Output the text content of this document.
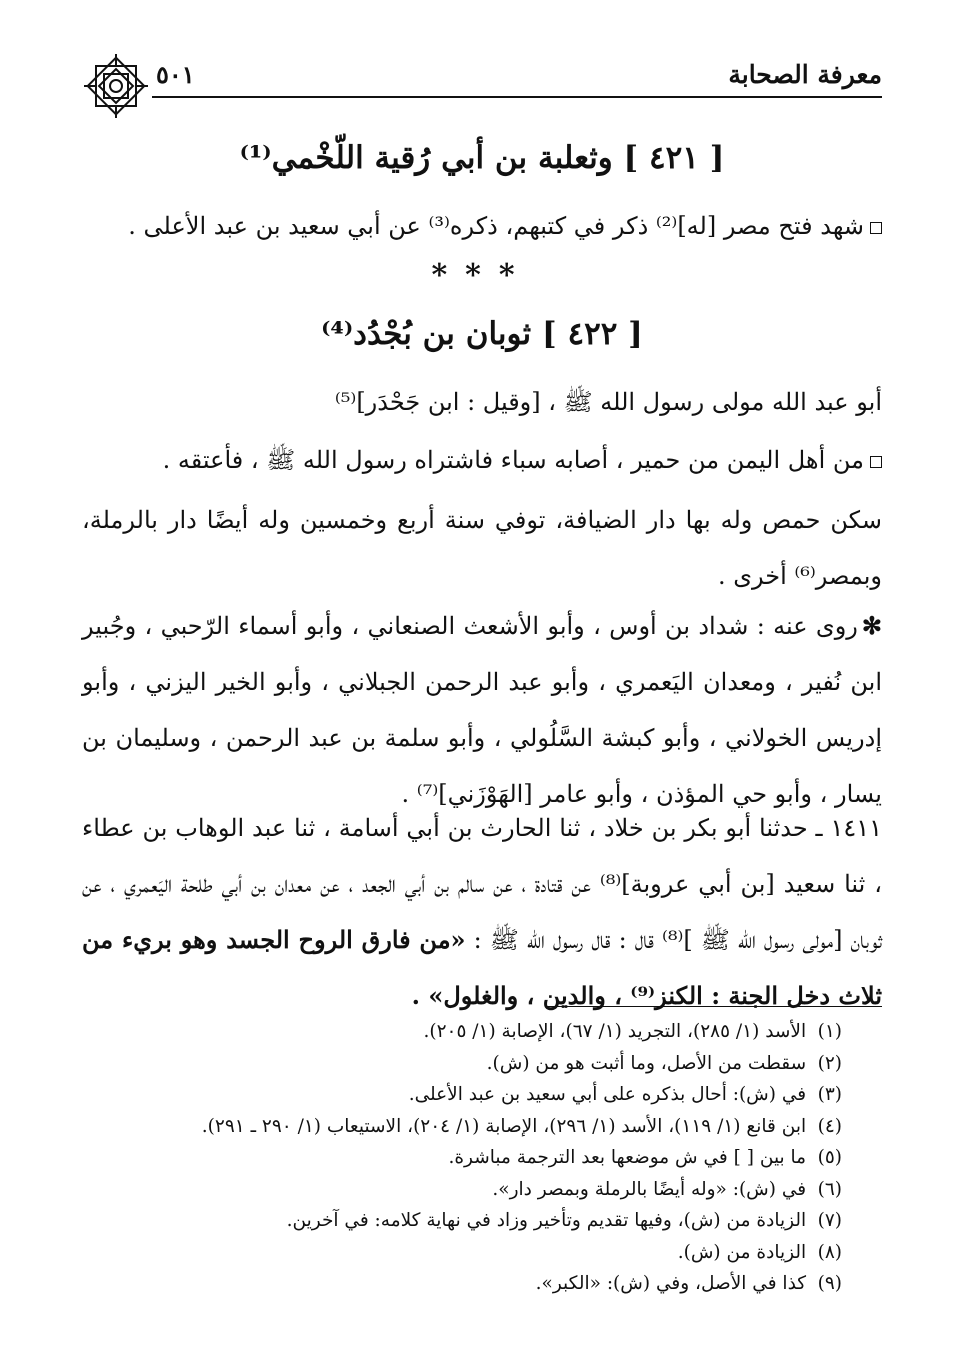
٥٠١	معرفة الصحابة
[ ٤٢١ ] وثعلبة بن أبي رُقية اللّخْمي⁽¹⁾
شهد فتح مصر [له]⁽²⁾ ذكر في كتبهم، ذكره⁽³⁾ عن أبي سعيد بن عبد الأعلى .
***
[ ٤٢٢ ] ثوبان بن بُجْدُد⁽⁴⁾
أبو عبد الله مولى رسول الله ﷺ ، [وقيل : ابن جَحْدَر]⁽⁵⁾
من أهل اليمن من حمير ، أصابه سباء فاشتراه رسول الله ﷺ ، فأعتقه .
سكن حمص وله بها دار الضيافة، توفي سنة أربع وخمسين وله أيضًا دار بالرملة، وبمصر⁽⁶⁾ أخرى .
✻روى عنه : شداد بن أوس ، وأبو الأشعث الصنعاني ، وأبو أسماء الرّحبي ، وجُبير ابن نُفير ، ومعدان اليَعمري ، وأبو عبد الرحمن الجبلاني ، وأبو الخير اليزني ، وأبو إدريس الخولاني ، وأبو كبشة السَّلُولي ، وأبو سلمة بن عبد الرحمن ، وسليمان بن يسار ، وأبو حي المؤذن ، وأبو عامر [الهَوْزَني]⁽⁷⁾ .
١٤١١ ـ حدثنا أبو بكر بن خلاد ، ثنا الحارث بن أبي أسامة ، ثنا عبد الوهاب بن عطاء ، ثنا سعيد [بن أبي عروبة]⁽⁸⁾ عن قتادة ، عن سالم بن أبي الجعد ، عن معدان بن أبي طلحة اليَعمري ، عن ثوبان [مولى رسول الله ﷺ ]⁽⁸⁾ قال : قال رسول الله ﷺ : «من فارق الروح الجسد وهو بريء من ثلاث دخل الجنة : الكنز⁽⁹⁾ ، والدين ، والغلول» .
(١) الأسد (١/ ٢٨٥)، التجريد (١/ ٦٧)، الإصابة (١/ ٢٠٥).
(٢) سقطت من الأصل، وما أثبت هو من (ش).
(٣) في (ش): أحال بذكره على أبي سعيد بن عبد الأعلى.
(٤) ابن قانع (١/ ١١٩)، الأسد (١/ ٢٩٦)، الإصابة (١/ ٢٠٤)، الاستيعاب (١/ ٢٩٠ ـ ٢٩١).
(٥) ما بين [ ] في ش موضعها بعد الترجمة مباشرة.
(٦) في (ش): «وله أيضًا بالرملة وبمصر دار».
(٧) الزيادة من (ش)، وفيها تقديم وتأخير وزاد في نهاية كلامه: في آخرين.
(٨) الزيادة من (ش).
(٩) كذا في الأصل، وفي (ش): «الكبر».
